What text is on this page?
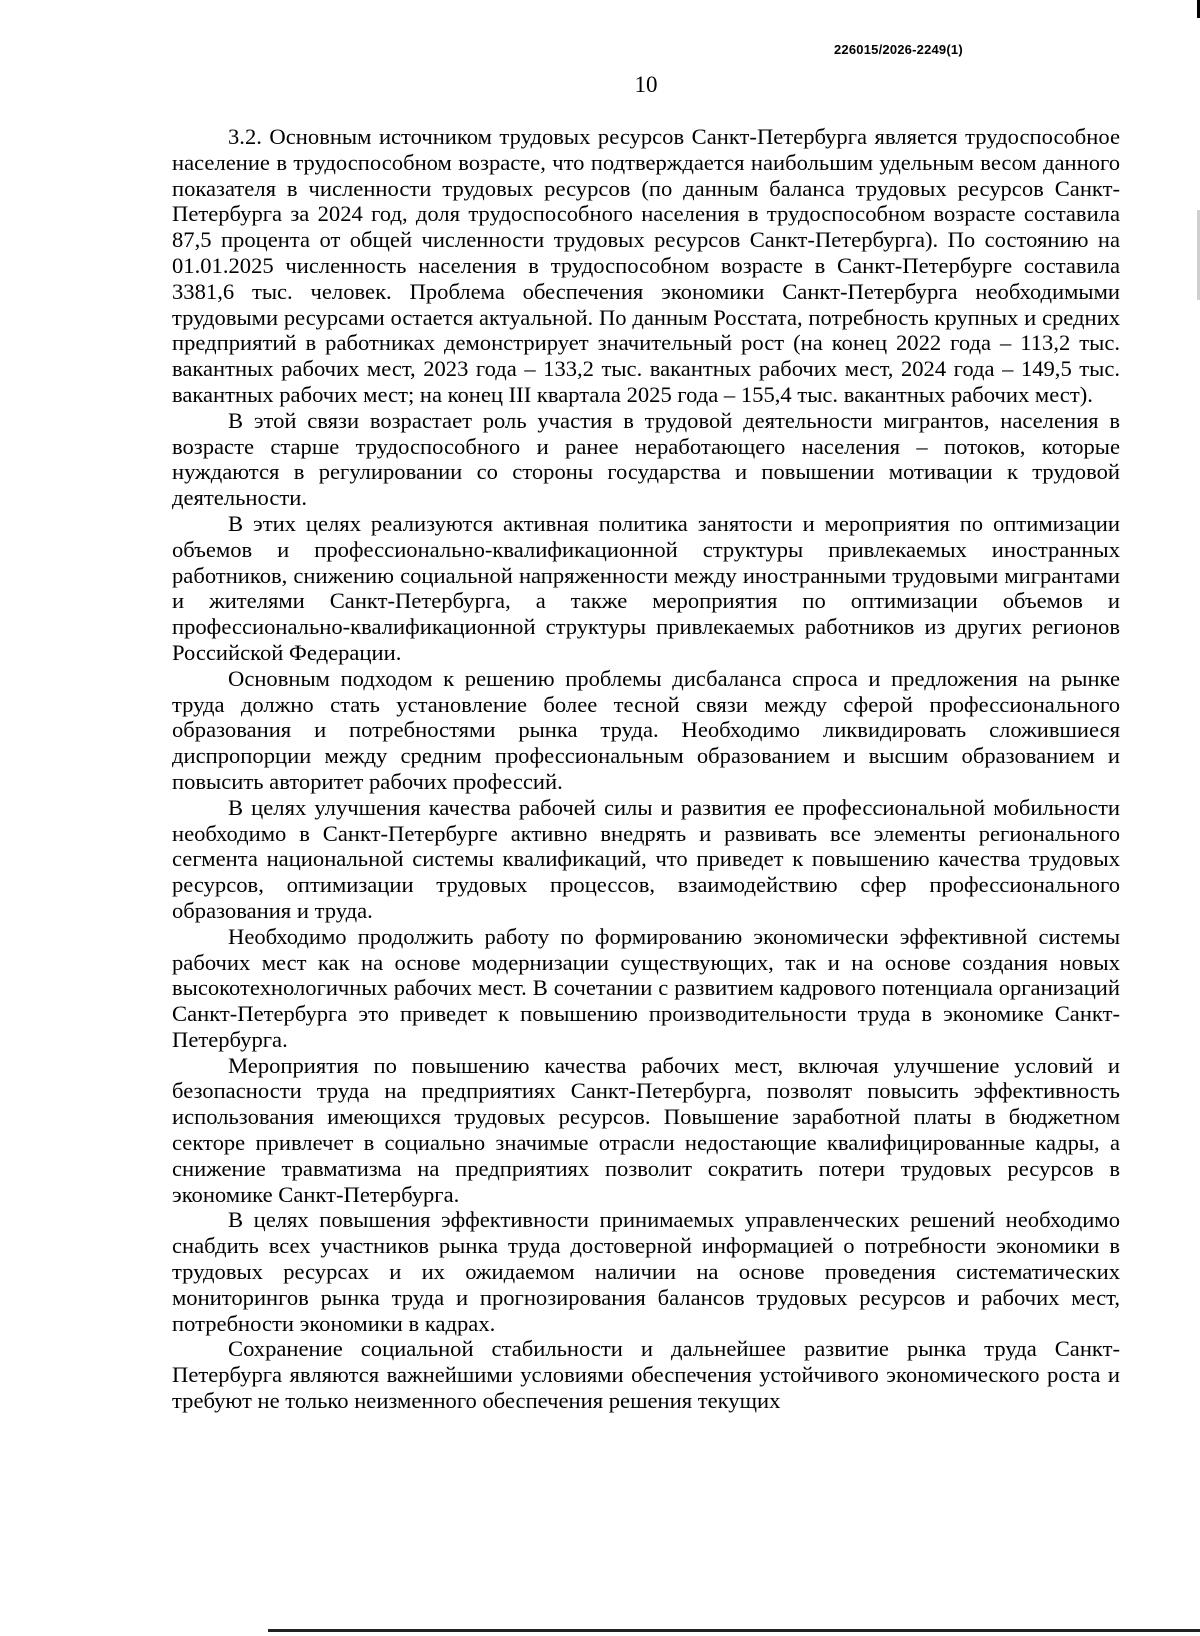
226015/2026-2249(1)
10

3.2. Основным источником трудовых ресурсов Санкт-Петербурга является трудоспособное население в трудоспособном возрасте, что подтверждается наибольшим удельным весом данного показателя в численности трудовых ресурсов (по данным баланса трудовых ресурсов Санкт-Петербурга за 2024 год, доля трудоспособного населения в трудоспособном возрасте составила 87,5 процента от общей численности трудовых ресурсов Санкт-Петербурга). По состоянию на 01.01.2025 численность населения в трудоспособном возрасте в Санкт-Петербурге составила 3381,6 тыс. человек. Проблема обеспечения экономики Санкт-Петербурга необходимыми трудовыми ресурсами остается актуальной. По данным Росстата, потребность крупных и средних предприятий в работниках демонстрирует значительный рост (на конец 2022 года – 113,2 тыс. вакантных рабочих мест, 2023 года – 133,2 тыс. вакантных рабочих мест, 2024 года – 149,5 тыс. вакантных рабочих мест; на конец III квартала 2025 года – 155,4 тыс. вакантных рабочих мест).

В этой связи возрастает роль участия в трудовой деятельности мигрантов, населения в возрасте старше трудоспособного и ранее неработающего населения – потоков, которые нуждаются в регулировании со стороны государства и повышении мотивации к трудовой деятельности.

В этих целях реализуются активная политика занятости и мероприятия по оптимизации объемов и профессионально-квалификационной структуры привлекаемых иностранных работников, снижению социальной напряженности между иностранными трудовыми мигрантами и жителями Санкт-Петербурга, а также мероприятия по оптимизации объемов и профессионально-квалификационной структуры привлекаемых работников из других регионов Российской Федерации.

Основным подходом к решению проблемы дисбаланса спроса и предложения на рынке труда должно стать установление более тесной связи между сферой профессионального образования и потребностями рынка труда. Необходимо ликвидировать сложившиеся диспропорции между средним профессиональным образованием и высшим образованием и повысить авторитет рабочих профессий.

В целях улучшения качества рабочей силы и развития ее профессиональной мобильности необходимо в Санкт-Петербурге активно внедрять и развивать все элементы регионального сегмента национальной системы квалификаций, что приведет к повышению качества трудовых ресурсов, оптимизации трудовых процессов, взаимодействию сфер профессионального образования и труда.

Необходимо продолжить работу по формированию экономически эффективной системы рабочих мест как на основе модернизации существующих, так и на основе создания новых высокотехнологичных рабочих мест. В сочетании с развитием кадрового потенциала организаций Санкт-Петербурга это приведет к повышению производительности труда в экономике Санкт-Петербурга.

Мероприятия по повышению качества рабочих мест, включая улучшение условий и безопасности труда на предприятиях Санкт-Петербурга, позволят повысить эффективность использования имеющихся трудовых ресурсов. Повышение заработной платы в бюджетном секторе привлечет в социально значимые отрасли недостающие квалифицированные кадры, а снижение травматизма на предприятиях позволит сократить потери трудовых ресурсов в экономике Санкт-Петербурга.

В целях повышения эффективности принимаемых управленческих решений необходимо снабдить всех участников рынка труда достоверной информацией о потребности экономики в трудовых ресурсах и их ожидаемом наличии на основе проведения систематических мониторингов рынка труда и прогнозирования балансов трудовых ресурсов и рабочих мест, потребности экономики в кадрах.

Сохранение социальной стабильности и дальнейшее развитие рынка труда Санкт-Петербурга являются важнейшими условиями обеспечения устойчивого экономического роста и требуют не только неизменного обеспечения решения текущих
